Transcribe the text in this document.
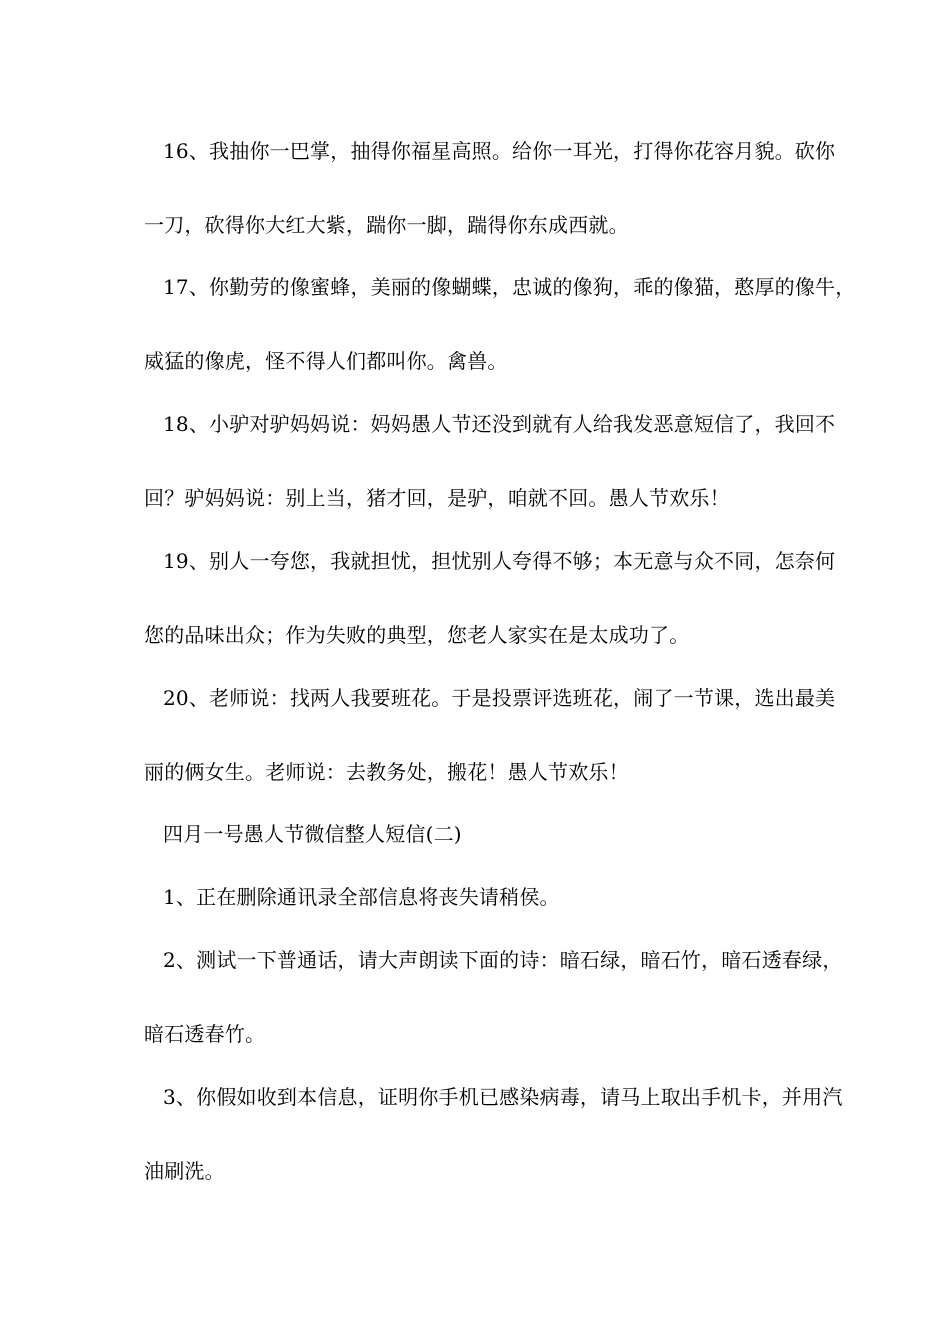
16、我抽你一巴掌，抽得你福星高照。给你一耳光，打得你花容月貌。砍你
一刀，砍得你大红大紫，踹你一脚，踹得你东成西就。
17、你勤劳的像蜜蜂，美丽的像蝴蝶，忠诚的像狗，乖的像猫，憨厚的像牛，
威猛的像虎，怪不得人们都叫你。禽兽。
18、小驴对驴妈妈说：妈妈愚人节还没到就有人给我发恶意短信了，我回不
回？驴妈妈说：别上当，猪才回，是驴，咱就不回。愚人节欢乐！
19、别人一夸您，我就担忧，担忧别人夸得不够；本无意与众不同，怎奈何
您的品味出众；作为失败的典型，您老人家实在是太成功了。
20、老师说：找两人我要班花。于是投票评选班花，闹了一节课，选出最美
丽的俩女生。老师说：去教务处，搬花！愚人节欢乐！
四月一号愚人节微信整人短信(二)
1、正在删除通讯录全部信息将丧失请稍侯。
2、测试一下普通话，请大声朗读下面的诗：暗石绿，暗石竹，暗石透春绿，
暗石透春竹。
3、你假如收到本信息，证明你手机已感染病毒，请马上取出手机卡，并用汽
油刷洗。
